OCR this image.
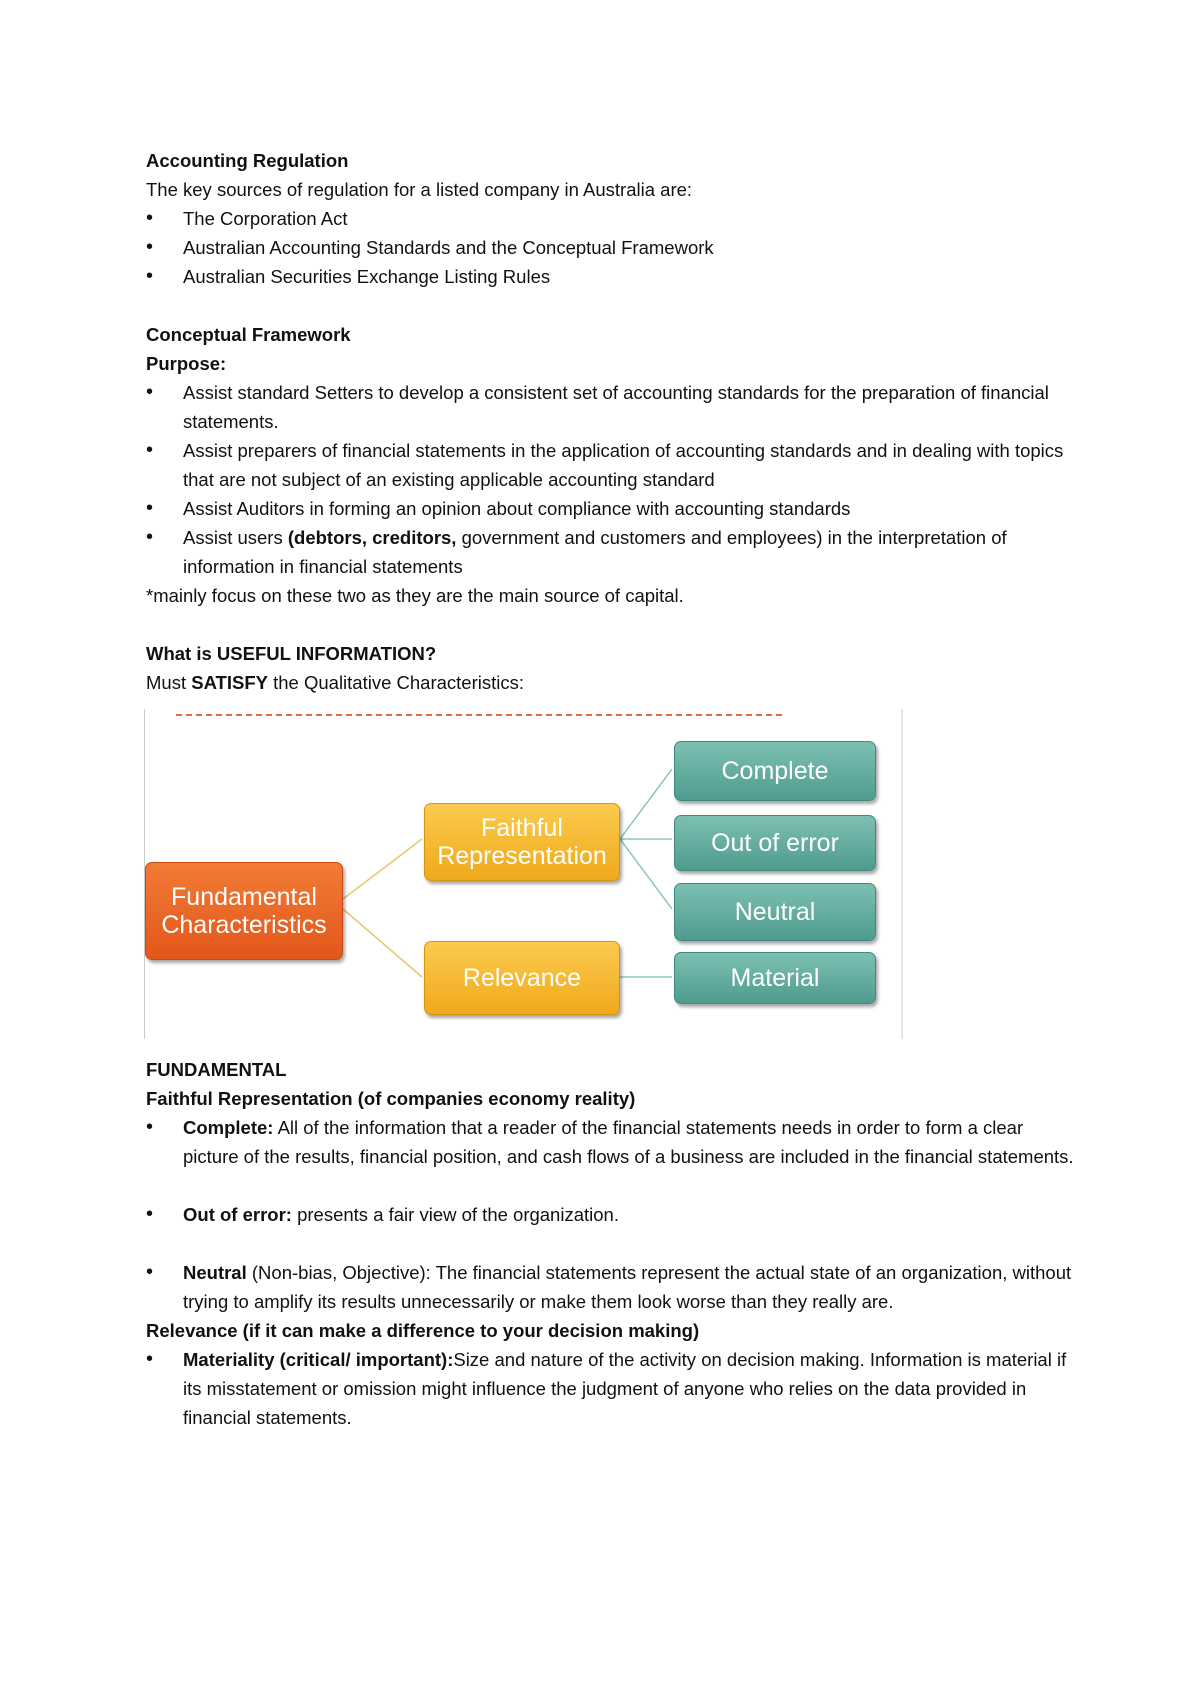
Accounting Regulation

The key sources of regulation for a listed company in Australia are:

• The Corporation Act
• Australian Accounting Standards and the Conceptual Framework
• Australian Securities Exchange Listing Rules

Conceptual Framework

Purpose:

• Assist standard Setters to develop a consistent set of accounting standards for the preparation of financial statements.
• Assist preparers of financial statements in the application of accounting standards and in dealing with topics that are not subject of an existing applicable accounting standard
• Assist Auditors in forming an opinion about compliance with accounting standards
• Assist users (debtors, creditors, government and customers and employees) in the interpretation of information in financial statements

*mainly focus on these two as they are the main source of capital.

What is USEFUL INFORMATION?

Must SATISFY the Qualitative Characteristics:

Fundamental Characteristics
Faithful Representation
Relevance
Complete
Out of error
Neutral
Material

FUNDAMENTAL

Faithful Representation (of companies economy reality)

• Complete: All of the information that a reader of the financial statements needs in order to form a clear picture of the results, financial position, and cash flows of a business are included in the financial statements.
• Out of error: presents a fair view of the organization.
• Neutral (Non-bias, Objective): The financial statements represent the actual state of an organization, without trying to amplify its results unnecessarily or make them look worse than they really are.

Relevance (if it can make a difference to your decision making)

• Materiality (critical/ important):Size and nature of the activity on decision making. Information is material if its misstatement or omission might influence the judgment of anyone who relies on the data provided in financial statements.
